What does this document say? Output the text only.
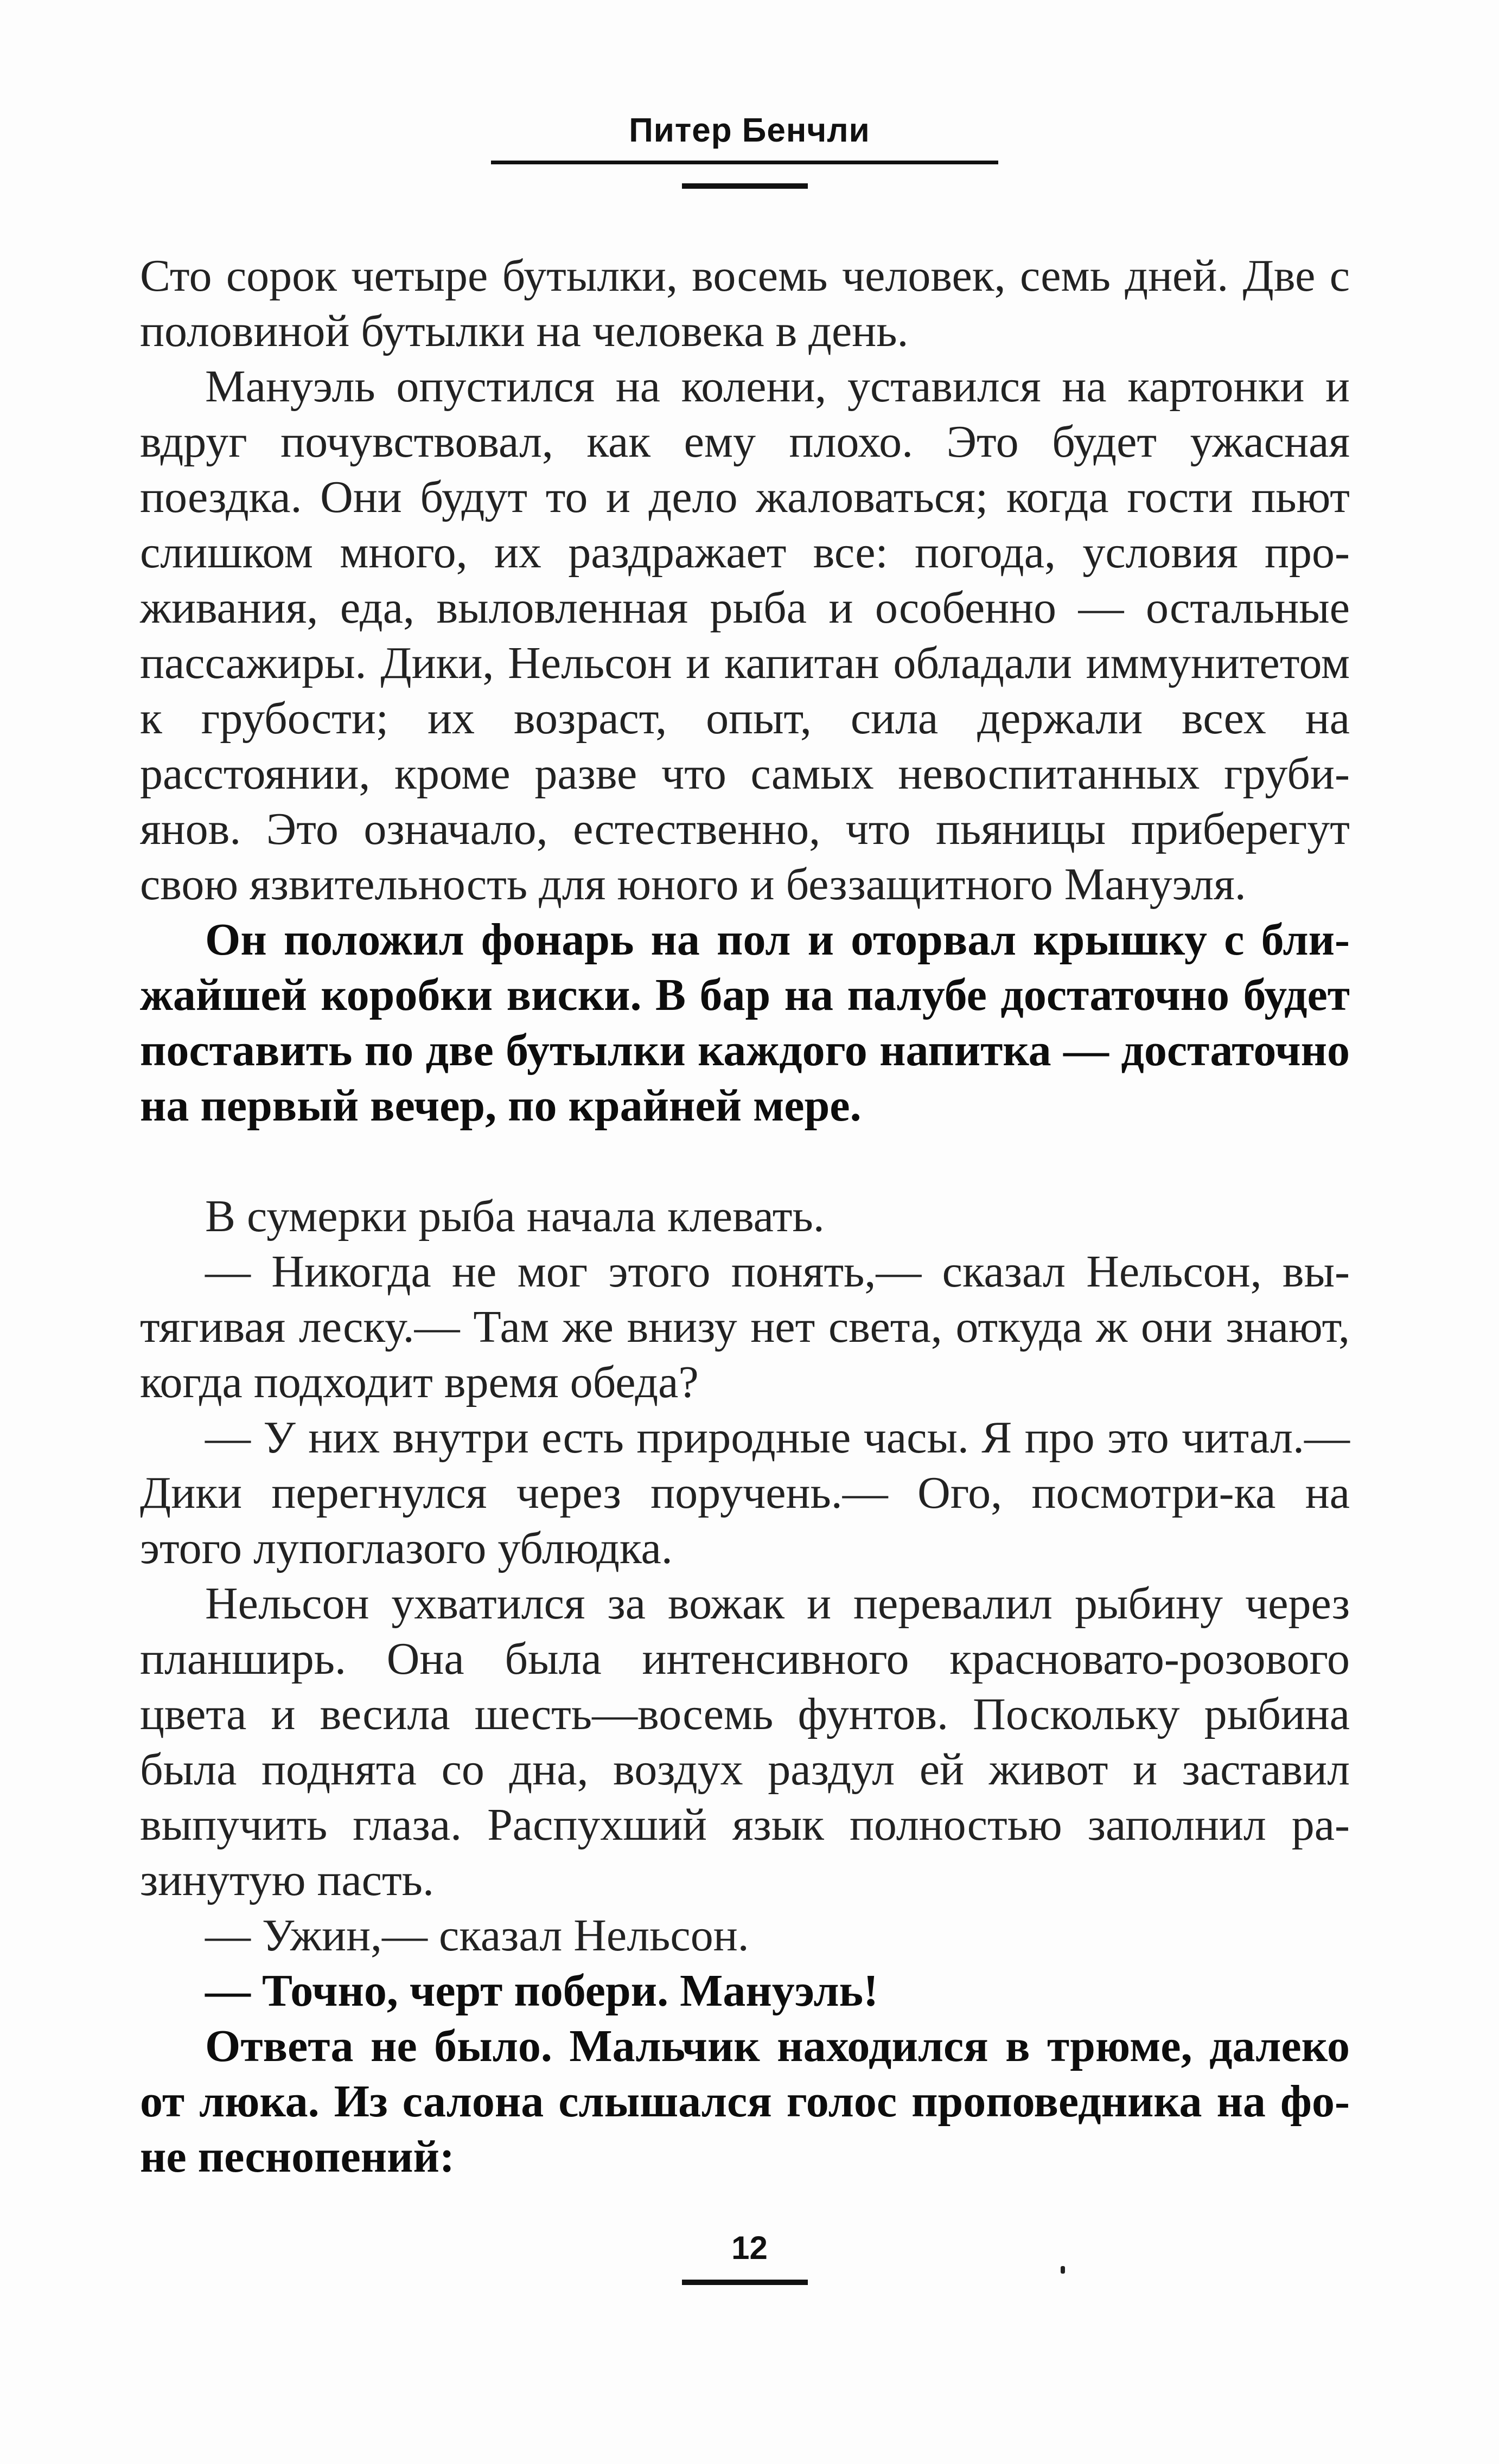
Питер Бенчли

Сто сорок четыре бутылки, восемь человек, семь дней. Две с половиной бутылки на человека в день.

Мануэль опустился на колени, уставился на картонки и вдруг почувствовал, как ему плохо. Это будет ужасная поездка. Они будут то и дело жаловаться; когда гости пьют слишком много, их раздражает все: погода, условия проживания, еда, выловленная рыба и особенно — остальные пассажиры. Дики, Нельсон и капитан обладали иммунитетом к грубости; их возраст, опыт, сила держали всех на расстоянии, кроме разве что самых невоспитанных грубиянов. Это означало, естественно, что пьяницы приберегут свою язвительность для юного и беззащитного Мануэля.

Он положил фонарь на пол и оторвал крышку с ближайшей коробки виски. В бар на палубе достаточно будет поставить по две бутылки каждого напитка — достаточно на первый вечер, по крайней мере.

В сумерки рыба начала клевать.

— Никогда не мог этого понять,— сказал Нельсон, вытягивая леску.— Там же внизу нет света, откуда ж они знают, когда подходит время обеда?

— У них внутри есть природные часы. Я про это читал.— Дики перегнулся через поручень.— Ого, посмотри-ка на этого лупоглазого ублюдка.

Нельсон ухватился за вожак и перевалил рыбину через планширь. Она была интенсивного красновато-розового цвета и весила шесть—восемь фунтов. Поскольку рыбина была поднята со дна, воздух раздул ей живот и заставил выпучить глаза. Распухший язык полностью заполнил разинутую пасть.

— Ужин,— сказал Нельсон.

— Точно, черт побери. Мануэль!

Ответа не было. Мальчик находился в трюме, далеко от люка. Из салона слышался голос проповедника на фоне песнопений:

12
